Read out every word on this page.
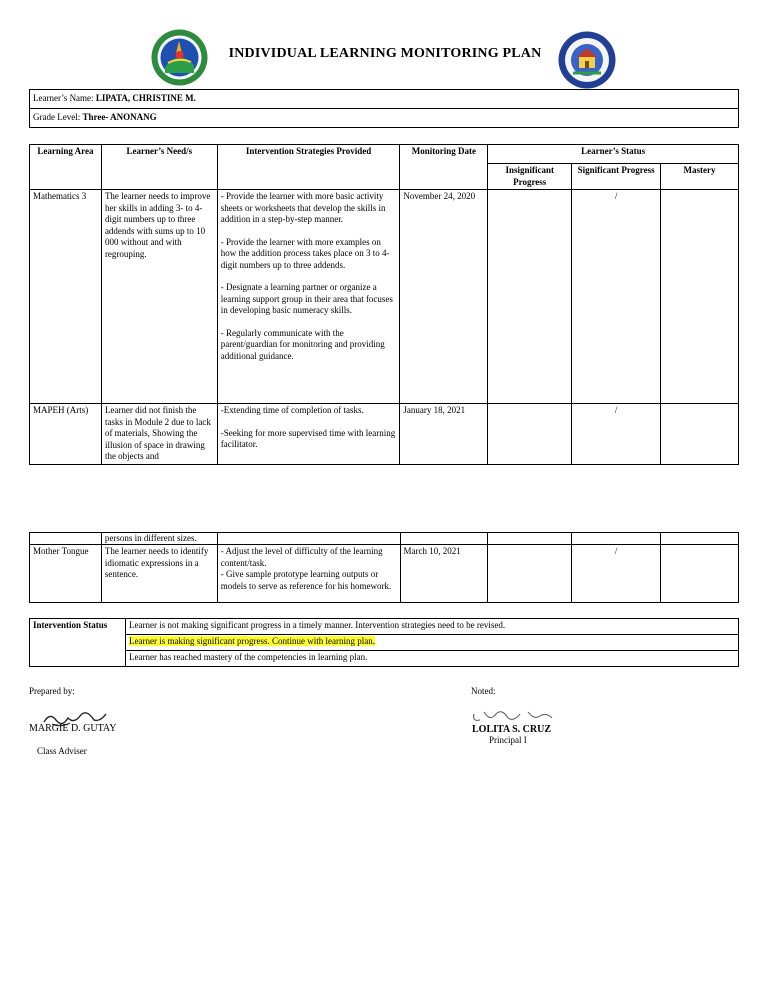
INDIVIDUAL LEARNING MONITORING PLAN
Learner’s Name: LIPATA, CHRISTINE M.
Grade Level: Three- ANONANG
Learning Area	Learner’s Need/s	Intervention Strategies Provided	Monitoring Date	Learner’s Status		
				Insignificant Progress	Significant Progress	Mastery
Mathematics 3	The learner needs to improve her skills in adding 3- to 4-digit numbers up to three addends with sums up to 10 000 without and with regrouping.	- Provide the learner with more basic activity sheets or worksheets that develop the skills in addition in a step-by-step manner.
- Provide the learner with more examples on how the addition process takes place on 3 to 4-digit numbers up to three addends.
- Designate a learning partner or organize a learning support group in their area that focuses in developing basic numeracy skills.
- Regularly communicate with the parent/guardian for monitoring and providing additional guidance.	November 24, 2020		/	
MAPEH (Arts)	Learner did not finish the tasks in Module 2 due to lack of materials, Showing the illusion of space in drawing the objects and	-Extending time of completion of tasks.
-Seeking for more supervised time with learning facilitator.	January 18, 2021		/	
	persons in different sizes.					
Mother Tongue	The learner needs to identify idiomatic expressions in a sentence.	- Adjust the level of difficulty of the learning content/task.
- Give sample prototype learning outputs or models to serve as reference for his homework.	March 10, 2021		/	
Intervention Status	Learner is not making significant progress in a timely manner. Intervention strategies need to be revised.
Learner is making significant progress. Continue with learning plan.
Learner has reached mastery of the competencies in learning plan.
Prepared by:
MARGIE D. GUTAY
Class Adviser
Noted:
LOLITA S. CRUZ
Principal I
